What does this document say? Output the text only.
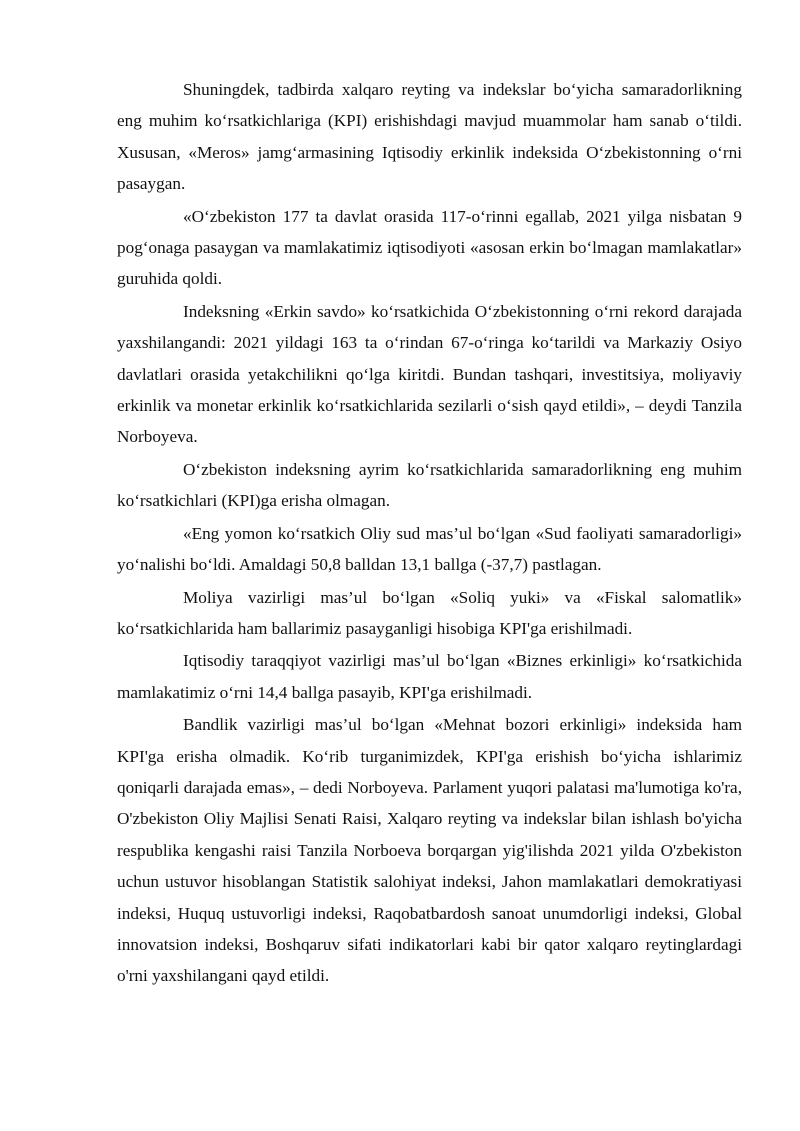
Shuningdek, tadbirda xalqaro reyting va indekslar bo‘yicha samaradorlikning eng muhim ko‘rsatkichlariga (KPI) erishishdagi mavjud muammolar ham sanab o‘tildi. Xususan, «Meros» jamg‘armasining Iqtisodiy erkinlik indeksida O‘zbekistonning o‘rni pasaygan.

«O‘zbekiston 177 ta davlat orasida 117-o‘rinni egallab, 2021 yilga nisbatan 9 pog‘onaga pasaygan va mamlakatimiz iqtisodiyoti «asosan erkin bo‘lmagan mamlakatlar» guruhida qoldi.

Indeksning «Erkin savdo» ko‘rsatkichida O‘zbekistonning o‘rni rekord darajada yaxshilangandi: 2021 yildagi 163 ta o‘rindan 67-o‘ringa ko‘tarildi va Markaziy Osiyo davlatlari orasida yetakchilikni qo‘lga kiritdi. Bundan tashqari, investitsiya, moliyaviy erkinlik va monetar erkinlik ko‘rsatkichlarida sezilarli o‘sish qayd etildi», – deydi Tanzila Norboyeva.

O‘zbekiston indeksning ayrim ko‘rsatkichlarida samaradorlikning eng muhim ko‘rsatkichlari (KPI)ga erisha olmagan.

«Eng yomon ko‘rsatkich Oliy sud mas’ul bo‘lgan «Sud faoliyati samaradorligi» yo‘nalishi bo‘ldi. Amaldagi 50,8 balldan 13,1 ballga (-37,7) pastlagan.

Moliya vazirligi mas’ul bo‘lgan «Soliq yuki» va «Fiskal salomatlik» ko‘rsatkichlarida ham ballarimiz pasayganligi hisobiga KPI'ga erishilmadi.

Iqtisodiy taraqqiyot vazirligi mas’ul bo‘lgan «Biznes erkinligi» ko‘rsatkichida mamlakatimiz o‘rni 14,4 ballga pasayib, KPI'ga erishilmadi.

Bandlik vazirligi mas’ul bo‘lgan «Mehnat bozori erkinligi» indeksida ham KPI'ga erisha olmadik. Ko‘rib turganimizdek, KPI'ga erishish bo‘yicha ishlarimiz qoniqarli darajada emas», – dedi Norboyeva. Parlament yuqori palatasi ma'lumotiga ko'ra, O'zbekiston Oliy Majlisi Senati Raisi, Xalqaro reyting va indekslar bilan ishlash bo'yicha respublika kengashi raisi Tanzila Norboeva borqargan yig'ilishda 2021 yilda O'zbekiston uchun ustuvor hisoblangan Statistik salohiyat indeksi, Jahon mamlakatlari demokratiyasi indeksi, Huquq ustuvorligi indeksi, Raqobatbardosh sanoat unumdorligi indeksi, Global innovatsion indeksi, Boshqaruv sifati indikatorlari kabi bir qator xalqaro reytinglardagi o'rni yaxshilangani qayd etildi.
